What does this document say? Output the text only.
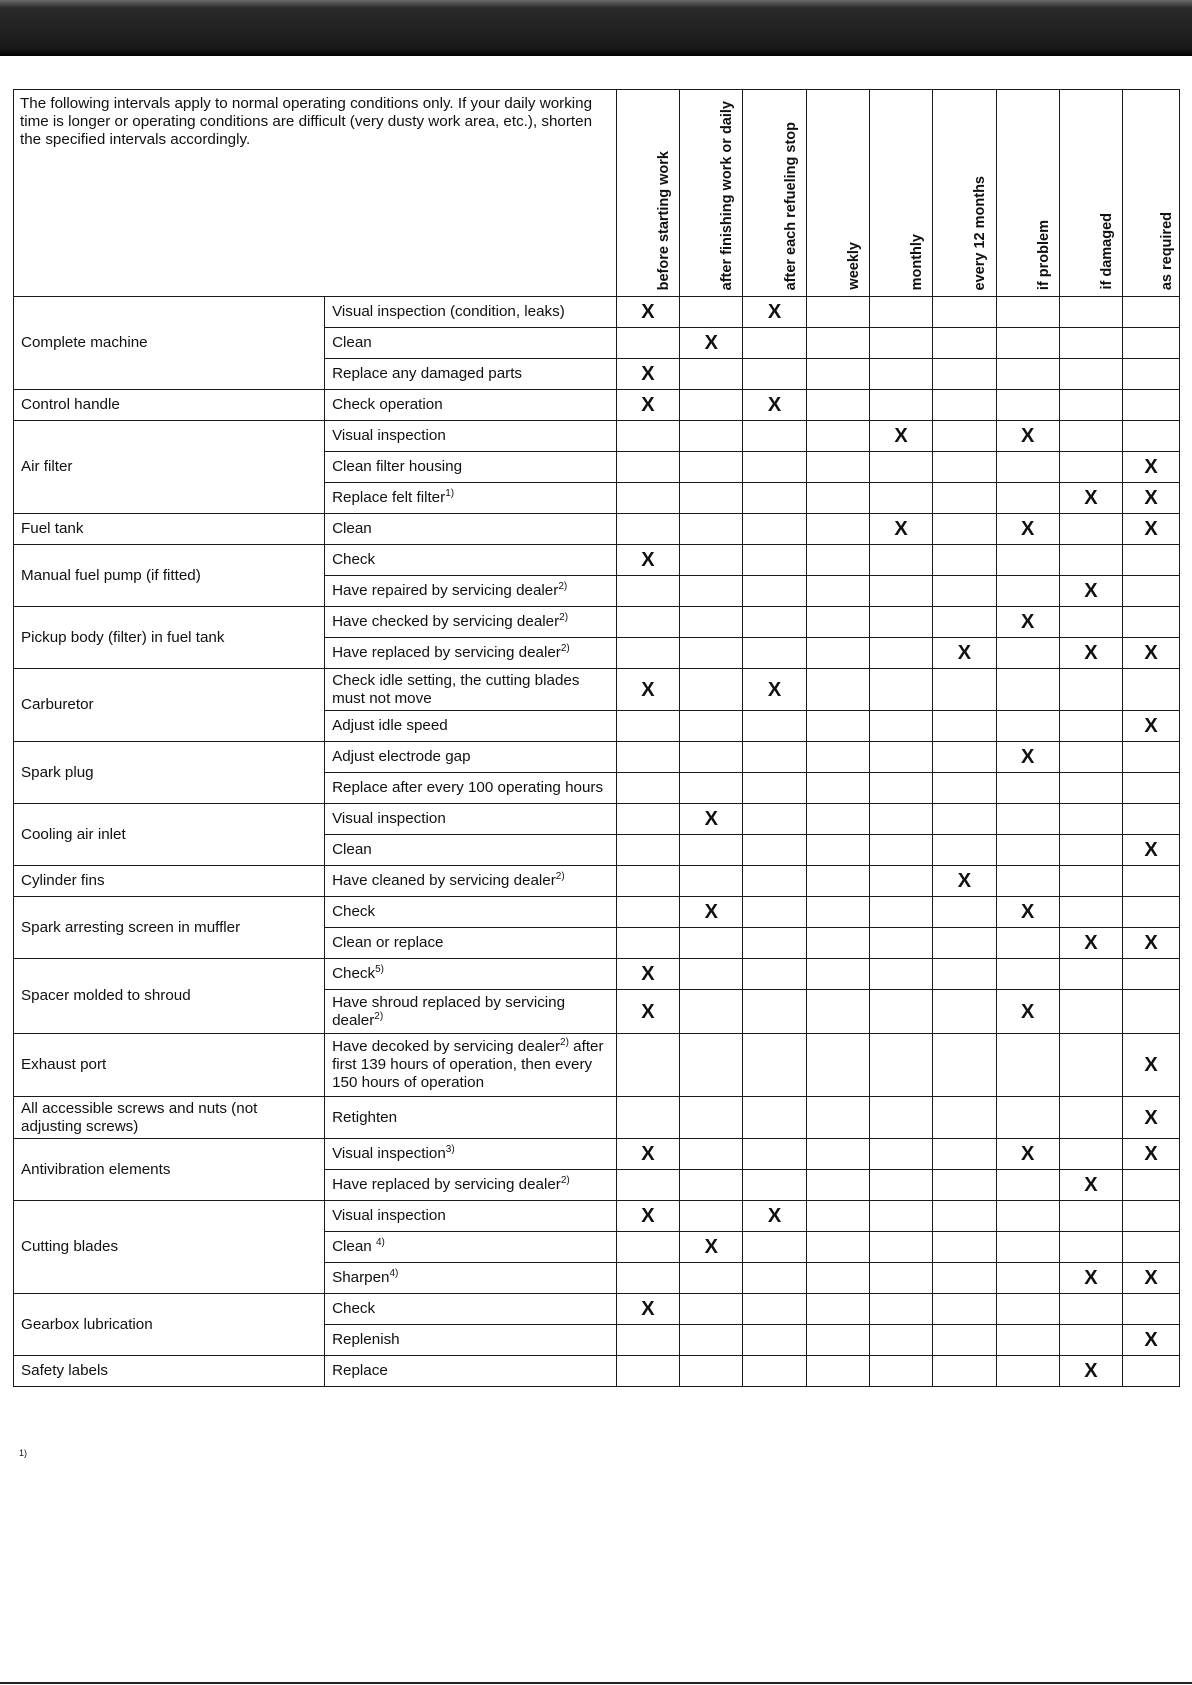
The following intervals apply to normal operating conditions only. If your daily working time is longer or operating conditions are difficult (very dusty work area, etc.), shorten the specified intervals accordingly.		before starting work	after finishing work or daily	after each refueling stop	weekly	monthly	every 12 months	if problem	if damaged	as required

Complete machine	Visual inspection (condition, leaks)	X		X						
	Clean		X							
	Replace any damaged parts	X								
Control handle	Check operation	X		X						
Air filter	Visual inspection					X		X		
	Clean filter housing									X
	Replace felt filter$^{1)}$								X	X
Fuel tank	Clean					X		X		X
Manual fuel pump (if fitted)	Check	X								
	Have repaired by servicing dealer$^{2)}$								X	
Pickup body (filter) in fuel tank	Have checked by servicing dealer$^{2)}$							X		
	Have replaced by servicing dealer$^{2)}$						X		X	X
Carburetor	Check idle setting, the cutting blades must not move	X		X						
	Adjust idle speed									X
Spark plug	Adjust electrode gap							X		
	Replace after every 100 operating hours									
Cooling air inlet	Visual inspection		X							
	Clean									X
Cylinder fins	Have cleaned by servicing dealer$^{2)}$						X			
Spark arresting screen in muffler	Check		X					X		
	Clean or replace								X	X
Spacer molded to shroud	Check$^{5)}$	X								
	Have shroud replaced by servicing dealer$^{2)}$	X						X		
Exhaust port	Have decoked by servicing dealer$^{2)}$ after first 139 hours of operation, then every 150 hours of operation									X
All accessible screws and nuts (not adjusting screws)	Retighten									X
Antivibration elements	Visual inspection$^{3)}$	X						X		X
	Have replaced by servicing dealer$^{2)}$								X	
Cutting blades	Visual inspection	X		X						
	Clean $^{4)}$		X							
	Sharpen$^{4)}$								X	X
Gearbox lubrication	Check	X								
	Replenish									X
Safety labels	Replace								X	
1)
